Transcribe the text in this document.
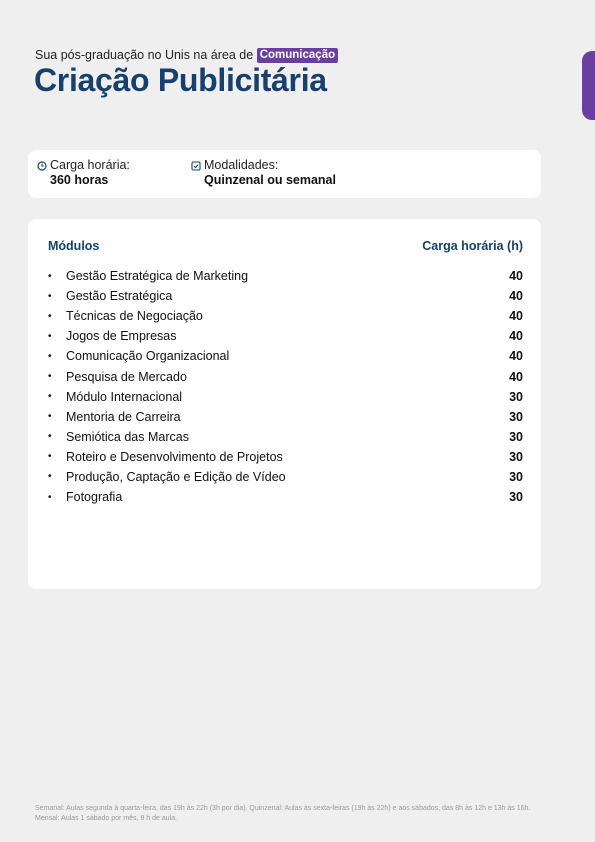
Sua pós-graduação no Unis na área de Comunicação
Criação Publicitária
Carga horária:
360 horas
Modalidades:
Quinzenal ou semanal
Módulos	Carga horária (h)
•	Gestão Estratégica de Marketing	40
•	Gestão Estratégica	40
•	Técnicas de Negociação	40
•	Jogos de Empresas	40
•	Comunicação Organizacional	40
•	Pesquisa de Mercado	40
•	Módulo Internacional	30
•	Mentoria de Carreira	30
•	Semiótica das Marcas	30
•	Roteiro e Desenvolvimento de Projetos	30
•	Produção, Captação e Edição de Vídeo	30
•	Fotografia	30
Semanal: Aulas segunda à quarta-feira, das 19h às 22h (3h por dia). Quinzenal: Aulas às sexta-feiras (19h às 22h) e aos sábados, das 8h às 12h e 13h às 16h.
Mensal: Aulas 1 sábado por mês, 8 h de aula.
